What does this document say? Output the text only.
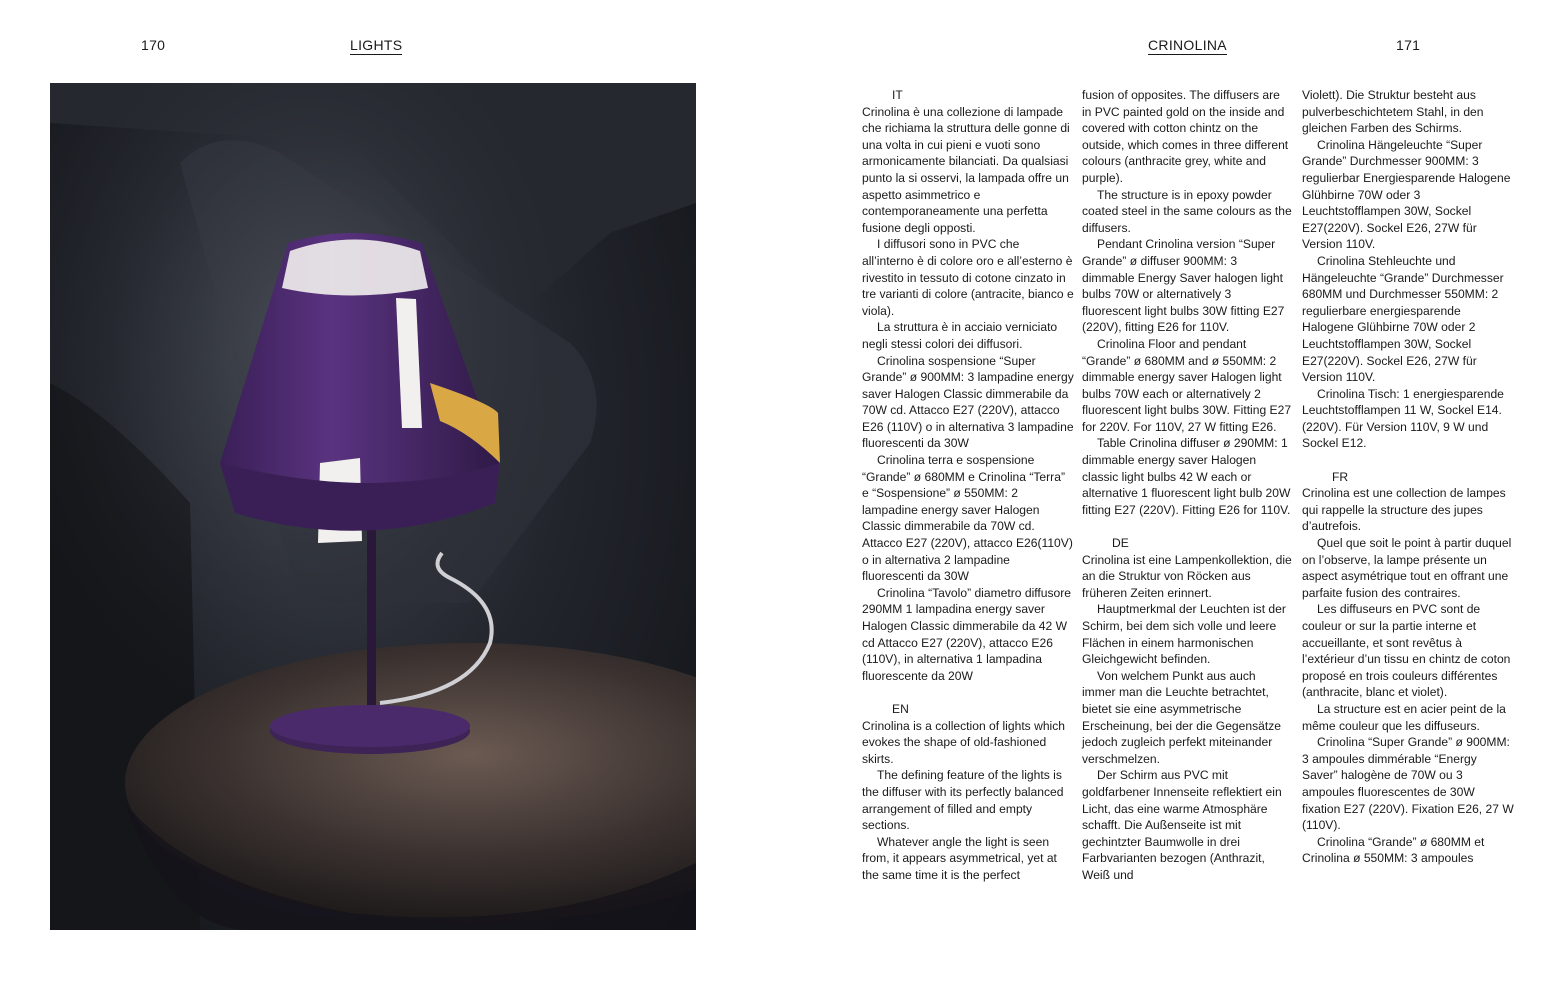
170	LIGHTS	CRINOLINA	171

IT

Crinolina è una collezione di lampade che richiama la struttura delle gonne di una volta in cui pieni e vuoti sono armonicamente bilanciati. Da qualsiasi punto la si osservi, la lampada offre un aspetto asimmetrico e contemporaneamente una perfetta fusione degli opposti.

I diffusori sono in PVC che all’interno è di colore oro e all’esterno è rivestito in tessuto di cotone cinzato in tre varianti di colore (antracite, bianco e viola).

La struttura è in acciaio verniciato negli stessi colori dei diffusori.

Crinolina sospensione “Super Grande” ø 900MM: 3 lampadine energy saver Halogen Classic dimmerabile da 70W cd. Attacco E27 (220V), attacco E26 (110V) o in alternativa 3 lampadine fluorescenti da 30W

Crinolina terra e sospensione “Grande” ø 680MM e Crinolina “Terra” e “Sospensione” ø 550MM: 2 lampadine energy saver Halogen Classic dimmerabile da 70W cd. Attacco E27 (220V), attacco E26(110V) o in alternativa 2 lampadine fluorescenti da 30W

Crinolina “Tavolo” diametro diffusore 290MM 1 lampadina energy saver Halogen Classic dimmerabile da 42 W cd Attacco E27 (220V), attacco E26 (110V), in alternativa 1 lampadina fluorescente da 20W

EN

Crinolina is a collection of lights which evokes the shape of old-fashioned skirts.

The defining feature of the lights is the diffuser with its perfectly balanced arrangement of filled and empty sections.

Whatever angle the light is seen from, it appears asymmetrical, yet at the same time it is the perfect

fusion of opposites. The diffusers are in PVC painted gold on the inside and covered with cotton chintz on the outside, which comes in three different colours (anthracite grey, white and purple).

The structure is in epoxy powder coated steel in the same colours as the diffusers.

Pendant Crinolina version “Super Grande” ø diffuser 900MM: 3 dimmable Energy Saver halogen light bulbs 70W or alternatively 3 fluorescent light bulbs 30W fitting E27 (220V), fitting E26 for 110V.

Crinolina Floor and pendant “Grande” ø 680MM and ø 550MM: 2 dimmable energy saver Halogen light bulbs 70W each or alternatively 2 fluorescent light bulbs 30W. Fitting E27 for 220V. For 110V, 27 W fitting E26.

Table Crinolina diffuser ø 290MM: 1 dimmable energy saver Halogen classic light bulbs 42 W each or alternative 1 fluorescent light bulb 20W fitting E27 (220V). Fitting E26 for 110V.

DE

Crinolina ist eine Lampenkollektion, die an die Struktur von Röcken aus früheren Zeiten erinnert.

Hauptmerkmal der Leuchten ist der Schirm, bei dem sich volle und leere Flächen in einem harmonischen Gleichgewicht befinden.

Von welchem Punkt aus auch immer man die Leuchte betrachtet, bietet sie eine asymmetrische Erscheinung, bei der die Gegensätze jedoch zugleich perfekt miteinander verschmelzen.

Der Schirm aus PVC mit goldfarbener Innenseite reflektiert ein Licht, das eine warme Atmosphäre schafft. Die Außenseite ist mit gechintzter Baumwolle in drei Farbvarianten bezogen (Anthrazit, Weiß und

Violett). Die Struktur besteht aus pulverbeschichtetem Stahl, in den gleichen Farben des Schirms.

Crinolina Hängeleuchte “Super Grande” Durchmesser 900MM: 3 regulierbar Energiesparende Halogene Glühbirne 70W oder 3 Leuchtstofflampen 30W, Sockel E27(220V). Sockel E26, 27W für Version 110V.

Crinolina Stehleuchte und Hängeleuchte “Grande” Durchmesser 680MM und Durchmesser 550MM: 2 regulierbare energiesparende Halogene Glühbirne 70W oder 2 Leuchtstofflampen 30W, Sockel E27(220V). Sockel E26, 27W für Version 110V.

Crinolina Tisch: 1 energiesparende Leuchtstofflampen 11 W, Sockel E14. (220V). Für Version 110V, 9 W und Sockel E12.

FR

Crinolina est une collection de lampes qui rappelle la structure des jupes d’autrefois.

Quel que soit le point à partir duquel on l’observe, la lampe présente un aspect asymétrique tout en offrant une parfaite fusion des contraires.

Les diffuseurs en PVC sont de couleur or sur la partie interne et accueillante, et sont revêtus à l’extérieur d’un tissu en chintz de coton proposé en trois couleurs différentes (anthracite, blanc et violet).

La structure est en acier peint de la même couleur que les diffuseurs.

Crinolina “Super Grande” ø 900MM: 3 ampoules dimmérable “Energy Saver” halogène de 70W ou 3 ampoules fluorescentes de 30W fixation E27 (220V). Fixation E26, 27 W (110V).

Crinolina “Grande” ø 680MM et Crinolina ø 550MM: 3 ampoules
